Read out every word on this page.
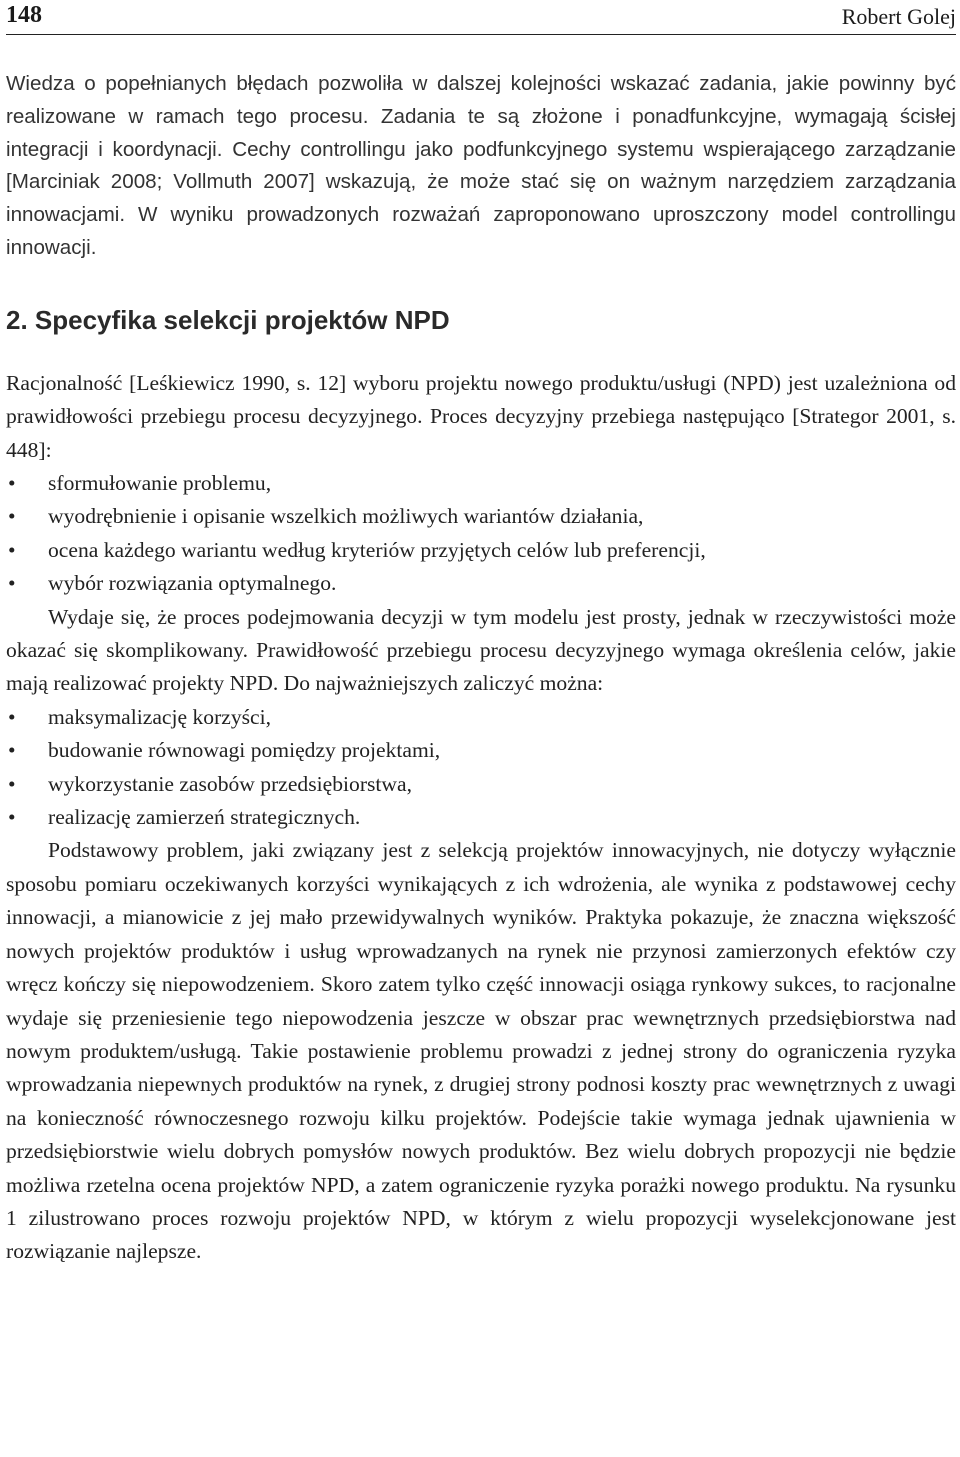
148	Robert Golej

Wiedza o popełnianych błędach pozwoliła w dalszej kolejności wskazać zadania, jakie powinny być realizowane w ramach tego procesu. Zadania te są złożone i ponadfunkcyjne, wymagają ścisłej integracji i koordynacji. Cechy controllingu jako podfunkcyjnego systemu wspierającego zarządzanie [Marciniak 2008; Vollmuth 2007] wskazują, że może stać się on ważnym narzędziem zarządzania innowacjami. W wyniku prowadzonych rozważań zaproponowano uproszczony model controllingu innowacji.

2. Specyfika selekcji projektów NPD

Racjonalność [Leśkiewicz 1990, s. 12] wyboru projektu nowego produktu/usługi (NPD) jest uzależniona od prawidłowości przebiegu procesu decyzyjnego. Proces decyzyjny przebiega następująco [Strategor 2001, s. 448]:

• sformułowanie problemu,
• wyodrębnienie i opisanie wszelkich możliwych wariantów działania,
• ocena każdego wariantu według kryteriów przyjętych celów lub preferencji,
• wybór rozwiązania optymalnego.

Wydaje się, że proces podejmowania decyzji w tym modelu jest prosty, jednak w rzeczywistości może okazać się skomplikowany. Prawidłowość przebiegu procesu decyzyjnego wymaga określenia celów, jakie mają realizować projekty NPD. Do najważniejszych zaliczyć można:

• maksymalizację korzyści,
• budowanie równowagi pomiędzy projektami,
• wykorzystanie zasobów przedsiębiorstwa,
• realizację zamierzeń strategicznych.

Podstawowy problem, jaki związany jest z selekcją projektów innowacyjnych, nie dotyczy wyłącznie sposobu pomiaru oczekiwanych korzyści wynikających z ich wdrożenia, ale wynika z podstawowej cechy innowacji, a mianowicie z jej mało przewidywalnych wyników. Praktyka pokazuje, że znaczna większość nowych projektów produktów i usług wprowadzanych na rynek nie przynosi zamierzonych efektów czy wręcz kończy się niepowodzeniem. Skoro zatem tylko część innowacji osiąga rynkowy sukces, to racjonalne wydaje się przeniesienie tego niepowodzenia jeszcze w obszar prac wewnętrznych przedsiębiorstwa nad nowym produktem/usługą. Takie postawienie problemu prowadzi z jednej strony do ograniczenia ryzyka wprowadzania niepewnych produktów na rynek, z drugiej strony podnosi koszty prac wewnętrznych z uwagi na konieczność równoczesnego rozwoju kilku projektów. Podejście takie wymaga jednak ujawnienia w przedsiębiorstwie wielu dobrych pomysłów nowych produktów. Bez wielu dobrych propozycji nie będzie możliwa rzetelna ocena projektów NPD, a zatem ograniczenie ryzyka porażki nowego produktu. Na rysunku 1 zilustrowano proces rozwoju projektów NPD, w którym z wielu propozycji wyselekcjonowane jest rozwiązanie najlepsze.
